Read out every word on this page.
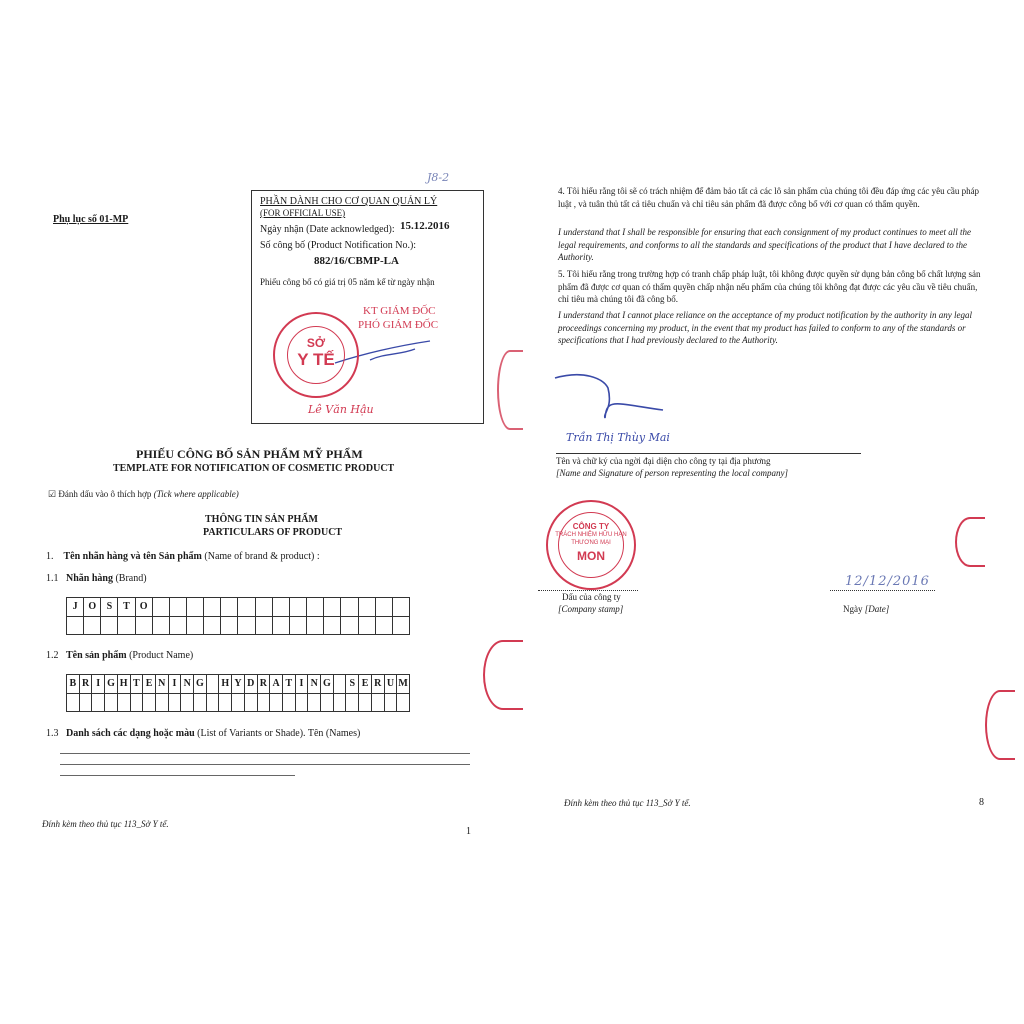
J8-2
Phụ lục số 01-MP
PHẦN DÀNH CHO CƠ QUAN QUẢN LÝ
(FOR OFFICIAL USE)
Ngày nhận (Date acknowledged): 15.12.2016
Số công bố (Product Notification No.):
882/16/CBMP-LA
Phiếu công bố có giá trị 05 năm kể từ ngày nhận
KT GIÁM ĐỐC
PHÓ GIÁM ĐỐC
Lê Văn Hậu
SỞ
Y TẾ
PHIẾU CÔNG BỐ SẢN PHẨM MỸ PHẨM
TEMPLATE FOR NOTIFICATION OF COSMETIC PRODUCT
☑ Đánh dấu vào ô thích hợp (Tick where applicable)
THÔNG TIN SẢN PHẨM
PARTICULARS OF PRODUCT
1. Tên nhãn hàng và tên Sản phẩm (Name of brand & product) :
1.1 Nhãn hàng (Brand)
J	O	S	T O
1.2 Tên sản phẩm (Product Name)
B R I G H T E N I N G H Y D R A T I N G	S E R U M
1.3 Danh sách các dạng hoặc màu (List of Variants or Shade). Tên (Names)
Đính kèm theo thủ tục 113_Sở Y tế.
1
4. Tôi hiểu rằng tôi sẽ có trách nhiệm để đảm bảo tất cả các lô sản phẩm của chúng tôi đều đáp ứng các yêu cầu pháp luật , và tuân thủ tất cả tiêu chuẩn và chỉ tiêu sản phẩm đã được công bố với cơ quan có thẩm quyền.
I understand that I shall be responsible for ensuring that each consignment of my product continues to meet all the legal requirements, and conforms to all the standards and specifications of the product that I have declared to the Authority.
5. Tôi hiểu rằng trong trường hợp có tranh chấp pháp luật, tôi không được quyền sử dụng bản công bố chất lượng sản phẩm đã được cơ quan có thẩm quyền chấp nhận nếu phẩm của chúng tôi không đạt được các yêu cầu về tiêu chuẩn, chỉ tiêu mà chúng tôi đã công bố.
I understand that I cannot place reliance on the acceptance of my product notification by the authority in any legal proceedings concerning my product, in the event that my product has failed to conform to any of the standards or specifications that I had previously declared to the Authority.
Trần Thị Thùy Mai
Tên và chữ ký của ngời đại diện cho công ty tại địa phương
[Name and Signature of person representing the local company]
CÔNG TY
TRÁCH NHIỆM HỮU HẠN
THƯƠNG MẠI
MON
12/12/2016
Dấu của công ty
[Company stamp]	Ngày [Date]
Đính kèm theo thủ tục 113_Sở Y tế.	8
